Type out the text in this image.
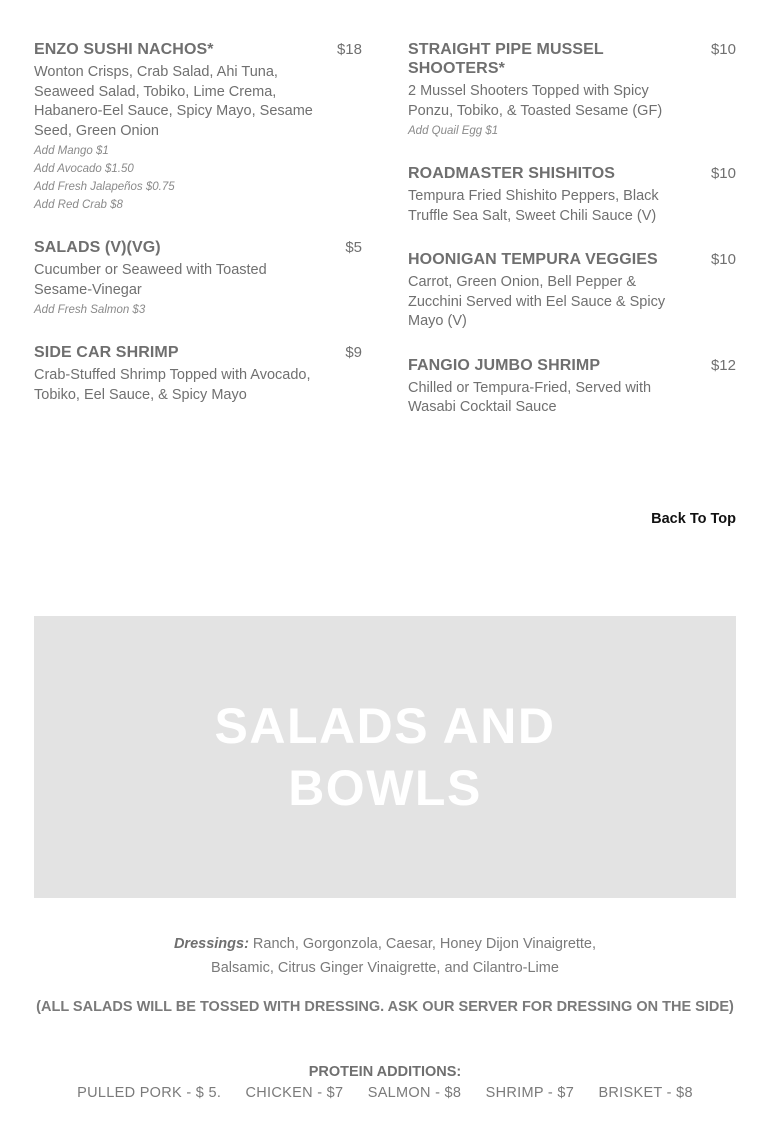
ENZO SUSHI NACHOS*	$18
Wonton Crisps, Crab Salad, Ahi Tuna, Seaweed Salad, Tobiko, Lime Crema, Habanero-Eel Sauce, Spicy Mayo, Sesame Seed, Green Onion
Add Mango $1
Add Avocado $1.50
Add Fresh Jalapeños $0.75
Add Red Crab $8
SALADS (V)(VG)	$5
Cucumber or Seaweed with Toasted Sesame-Vinegar
Add Fresh Salmon $3
SIDE CAR SHRIMP	$9
Crab-Stuffed Shrimp Topped with Avocado, Tobiko, Eel Sauce, & Spicy Mayo
STRAIGHT PIPE MUSSEL SHOOTERS*
$10
2 Mussel Shooters Topped with Spicy Ponzu, Tobiko, & Toasted Sesame (GF)
Add Quail Egg $1
ROADMASTER SHISHITOS	$10
Tempura Fried Shishito Peppers, Black Truffle Sea Salt, Sweet Chili Sauce (V)
HOONIGAN TEMPURA VEGGIES	$10
Carrot, Green Onion, Bell Pepper & Zucchini Served with Eel Sauce & Spicy Mayo (V)
FANGIO JUMBO SHRIMP	$12
Chilled or Tempura-Fried, Served with Wasabi Cocktail Sauce
Back To Top
SALADS AND
BOWLS
Dressings: Ranch, Gorgonzola, Caesar, Honey Dijon Vinaigrette,
Balsamic, Citrus Ginger Vinaigrette, and Cilantro-Lime
(ALL SALADS WILL BE TOSSED WITH DRESSING. ASK OUR SERVER FOR DRESSING ON THE SIDE)
PROTEIN ADDITIONS:
PULLED PORK - $ 5. CHICKEN - $7 SALMON - $8 SHRIMP - $7 BRISKET - $8
